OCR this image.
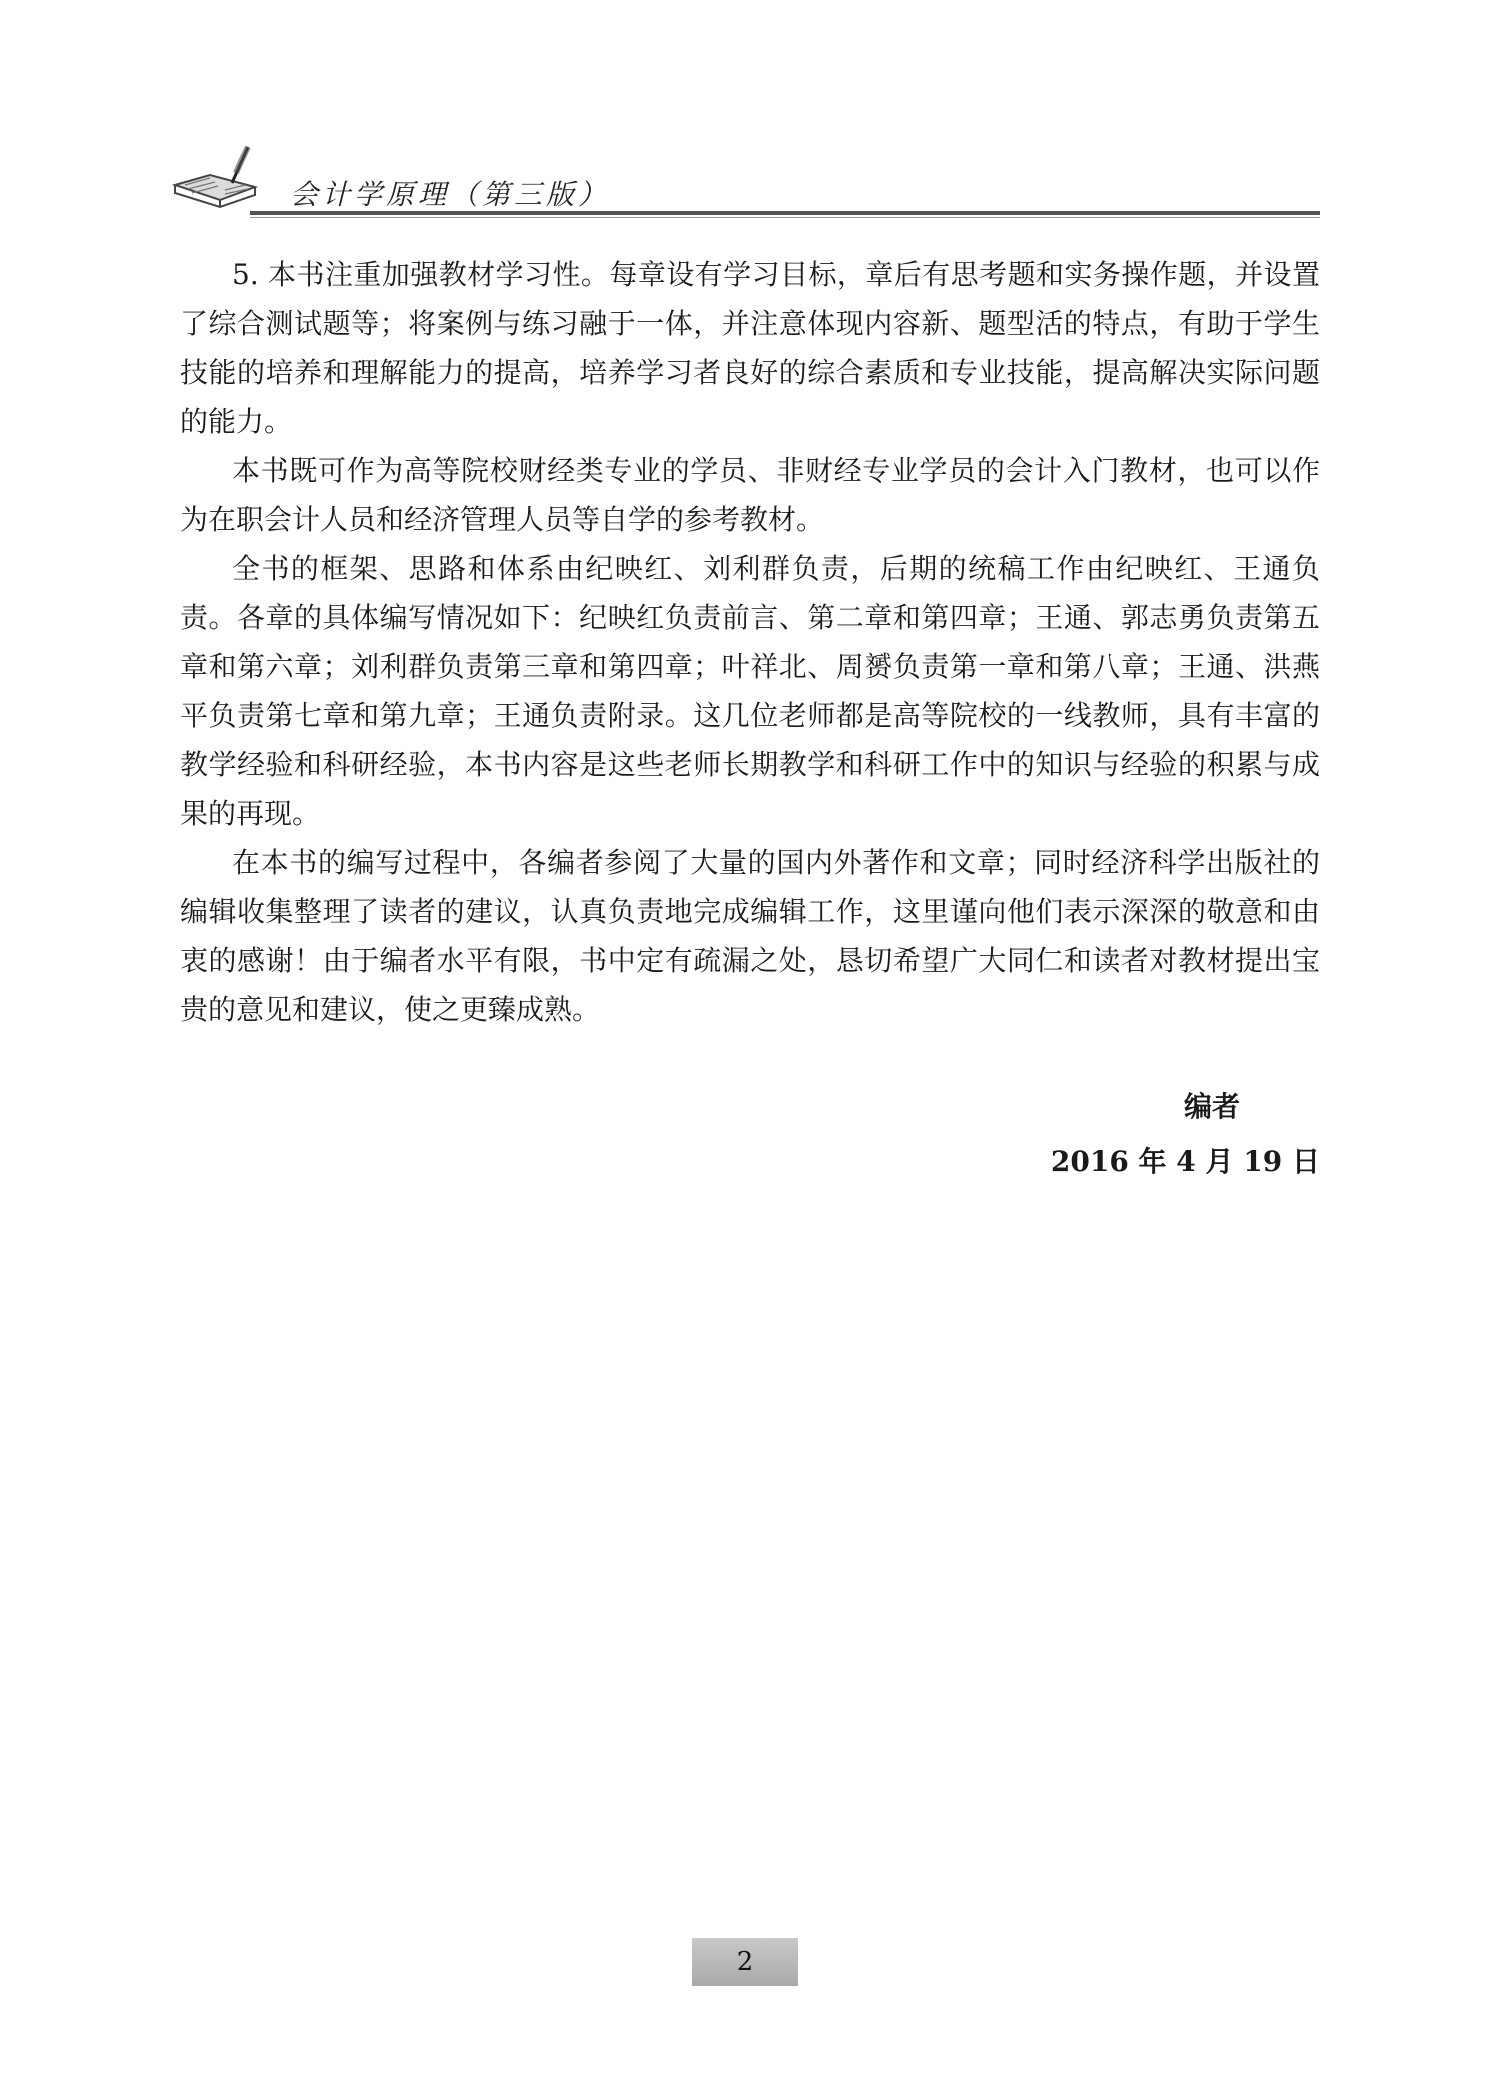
会计学原理（第三版）

5. 本书注重加强教材学习性。每章设有学习目标，章后有思考题和实务操作题，并设置了综合测试题等；将案例与练习融于一体，并注意体现内容新、题型活的特点，有助于学生技能的培养和理解能力的提高，培养学习者良好的综合素质和专业技能，提高解决实际问题的能力。

本书既可作为高等院校财经类专业的学员、非财经专业学员的会计入门教材，也可以作为在职会计人员和经济管理人员等自学的参考教材。

全书的框架、思路和体系由纪映红、刘利群负责，后期的统稿工作由纪映红、王通负责。各章的具体编写情况如下：纪映红负责前言、第二章和第四章；王通、郭志勇负责第五章和第六章；刘利群负责第三章和第四章；叶祥北、周赟负责第一章和第八章；王通、洪燕平负责第七章和第九章；王通负责附录。这几位老师都是高等院校的一线教师，具有丰富的教学经验和科研经验，本书内容是这些老师长期教学和科研工作中的知识与经验的积累与成果的再现。

在本书的编写过程中，各编者参阅了大量的国内外著作和文章；同时经济科学出版社的编辑收集整理了读者的建议，认真负责地完成编辑工作，这里谨向他们表示深深的敬意和由衷的感谢！由于编者水平有限，书中定有疏漏之处，恳切希望广大同仁和读者对教材提出宝贵的意见和建议，使之更臻成熟。

编者
2016 年 4 月 19 日
2
